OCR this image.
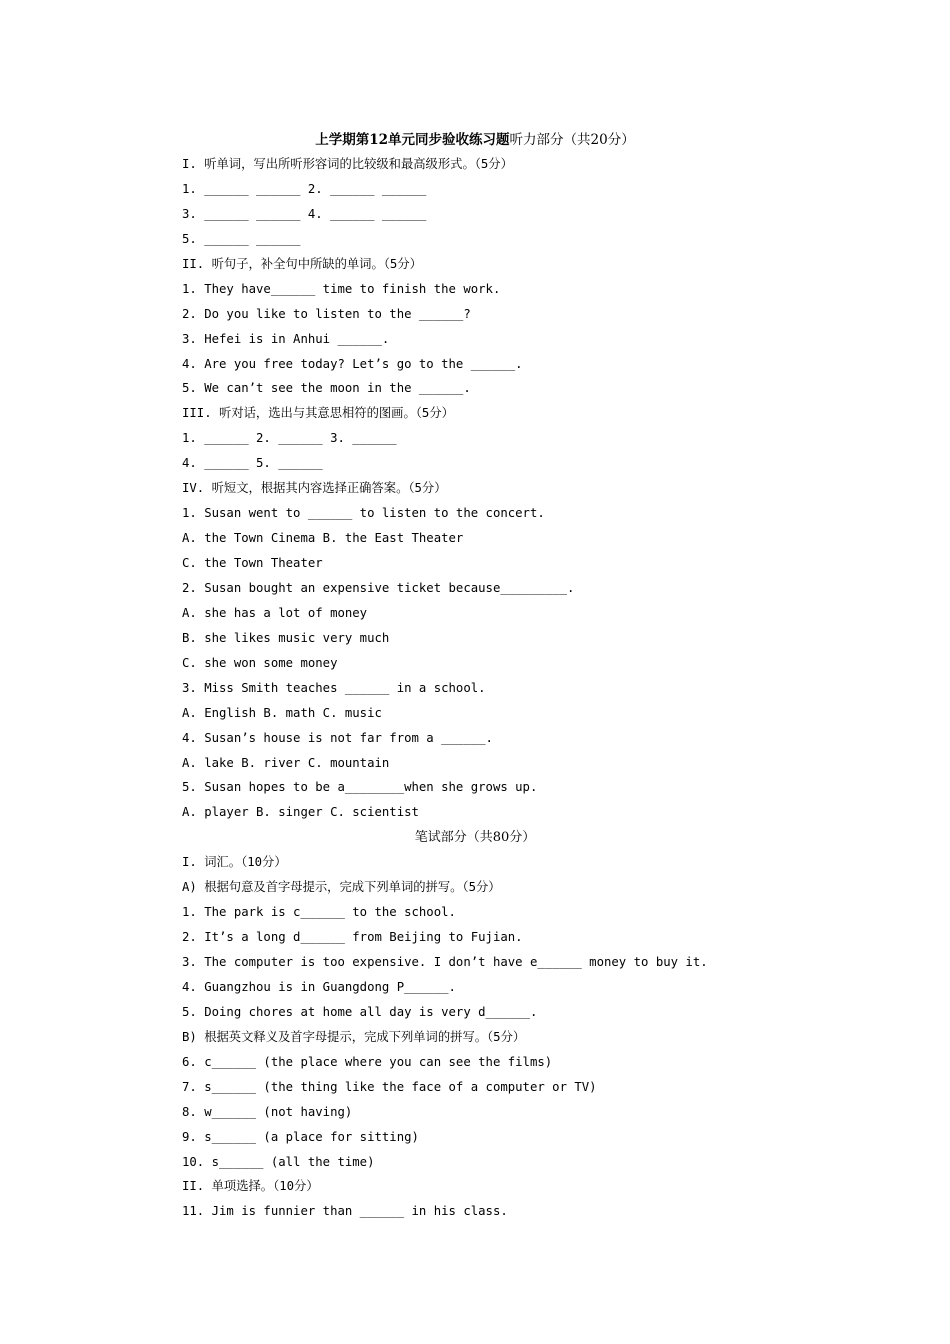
上学期第12单元同步验收练习题听力部分（共20分）
笔试部分（共80分）
I. 听单词，写出所听形容词的比较级和最高级形式。（5分）
1. ______ ______ 2. ______ ______
3. ______ ______ 4. ______ ______
5. ______ ______
II. 听句子，补全句中所缺的单词。（5分）
1. They have______ time to finish the work.
2. Do you like to listen to the ______?
3. Hefei is in Anhui ______.
4. Are you free today? Let’s go to the ______.
5. We can’t see the moon in the ______.
III. 听对话，选出与其意思相符的图画。（5分）
1. ______ 2. ______ 3. ______
4. ______ 5. ______
IV. 听短文，根据其内容选择正确答案。（5分）
1. Susan went to ______ to listen to the concert.
A. the Town Cinema B. the East Theater
C. the Town Theater
2. Susan bought an expensive ticket because_________.
A. she has a lot of money
B. she likes music very much
C. she won some money
3. Miss Smith teaches ______ in a school.
A. English B. math C. music
4. Susan’s house is not far from a ______.
A. lake B. river C. mountain
5. Susan hopes to be a________when she grows up.
A. player B. singer C. scientist
I. 词汇。（10分）
A) 根据句意及首字母提示，完成下列单词的拼写。（5分）
1. The park is c______ to the school.
2. It’s a long d______ from Beijing to Fujian.
3. The computer is too expensive. I don’t have e______ money to buy it.
4. Guangzhou is in Guangdong P______.
5. Doing chores at home all day is very d______.
B) 根据英文释义及首字母提示，完成下列单词的拼写。（5分）
6. c______ (the place where you can see the films)
7. s______ (the thing like the face of a computer or TV)
8. w______ (not having)
9. s______ (a place for sitting)
10. s______ (all the time)
II. 单项选择。（10分）
11. Jim is funnier than ______ in his class.
